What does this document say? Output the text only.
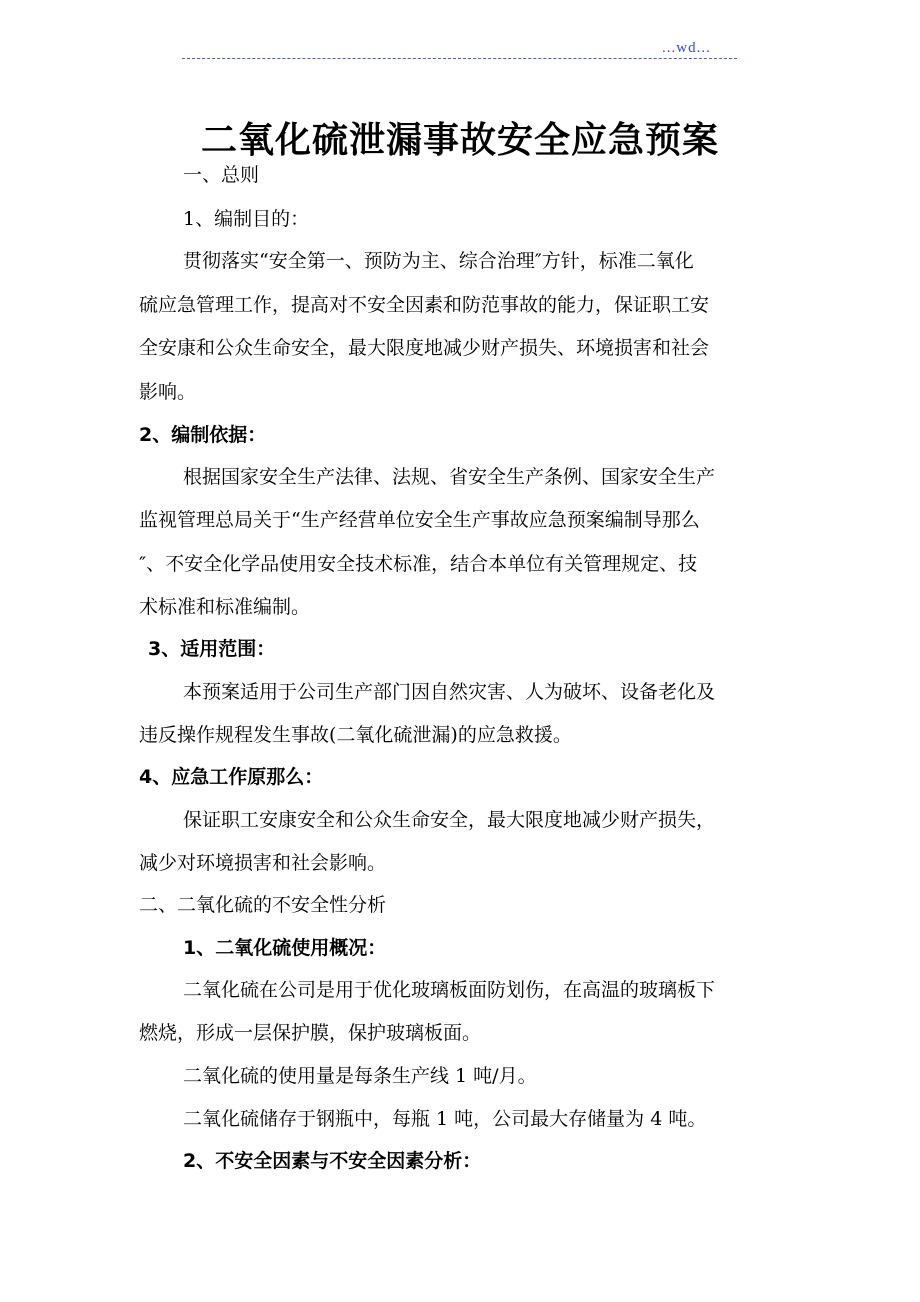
...wd...
二氧化硫泄漏事故安全应急预案
一、总则
1、编制目的：
贯彻落实“安全第一、预防为主、综合治理″方针，标准二氧化
硫应急管理工作，提高对不安全因素和防范事故的能力，保证职工安
全安康和公众生命安全，最大限度地减少财产损失、环境损害和社会
影响。
2、编制依据：
根据国家安全生产法律、法规、省安全生产条例、国家安全生产
监视管理总局关于“生产经营单位安全生产事故应急预案编制导那么
″、不安全化学品使用安全技术标准，结合本单位有关管理规定、技
术标准和标准编制。
3、适用范围：
本预案适用于公司生产部门因自然灾害、人为破坏、设备老化及
违反操作规程发生事故(二氧化硫泄漏)的应急救援。
4、应急工作原那么：
保证职工安康安全和公众生命安全，最大限度地减少财产损失，
减少对环境损害和社会影响。
二、二氧化硫的不安全性分析
1、二氧化硫使用概况：
二氧化硫在公司是用于优化玻璃板面防划伤，在高温的玻璃板下
燃烧，形成一层保护膜，保护玻璃板面。
二氧化硫的使用量是每条生产线 1 吨/月。
二氧化硫储存于钢瓶中，每瓶 1 吨，公司最大存储量为 4 吨。
2、不安全因素与不安全因素分析：
